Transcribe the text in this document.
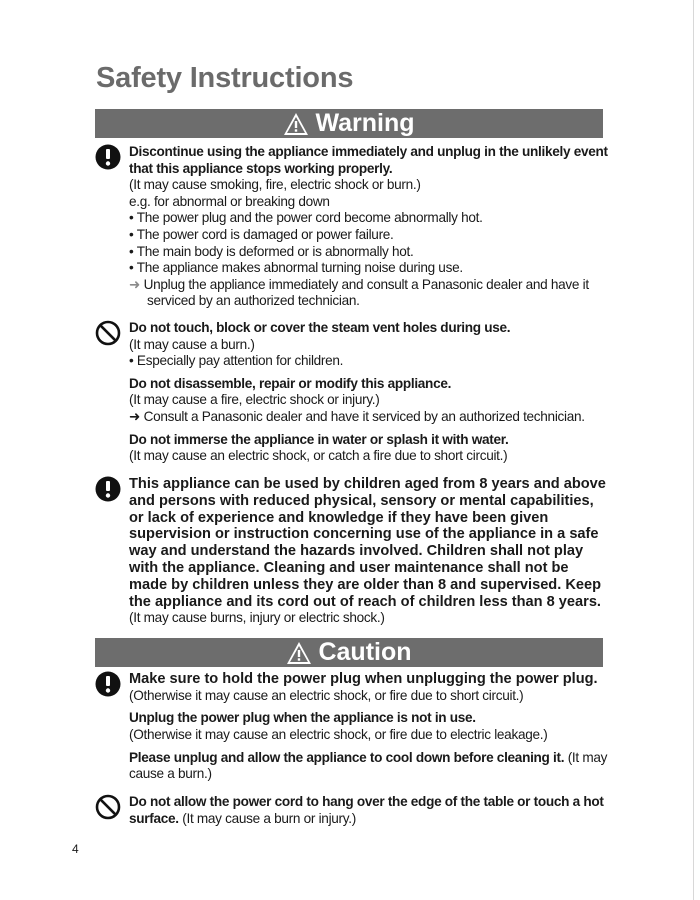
Safety Instructions
Warning
Discontinue using the appliance immediately and unplug in the unlikely event that this appliance stops working properly.
(It may cause smoking, fire, electric shock or burn.)
e.g. for abnormal or breaking down
• The power plug and the power cord become abnormally hot.
• The power cord is damaged or power failure.
• The main body is deformed or is abnormally hot.
• The appliance makes abnormal turning noise during use.
➜ Unplug the appliance immediately and consult a Panasonic dealer and have it serviced by an authorized technician.
Do not touch, block or cover the steam vent holes during use.
(It may cause a burn.)
• Especially pay attention for children.
Do not disassemble, repair or modify this appliance.
(It may cause a fire, electric shock or injury.)
➜ Consult a Panasonic dealer and have it serviced by an authorized technician.
Do not immerse the appliance in water or splash it with water.
(It may cause an electric shock, or catch a fire due to short circuit.)
This appliance can be used by children aged from 8 years and above and persons with reduced physical, sensory or mental capabilities, or lack of experience and knowledge if they have been given supervision or instruction concerning use of the appliance in a safe way and understand the hazards involved. Children shall not play with the appliance. Cleaning and user maintenance shall not be made by children unless they are older than 8 and supervised. Keep the appliance and its cord out of reach of children less than 8 years.
(It may cause burns, injury or electric shock.)
Caution
Make sure to hold the power plug when unplugging the power plug.
(Otherwise it may cause an electric shock, or fire due to short circuit.)
Unplug the power plug when the appliance is not in use.
(Otherwise it may cause an electric shock, or fire due to electric leakage.)
Please unplug and allow the appliance to cool down before cleaning it. (It may cause a burn.)
Do not allow the power cord to hang over the edge of the table or touch a hot surface. (It may cause a burn or injury.)
4
